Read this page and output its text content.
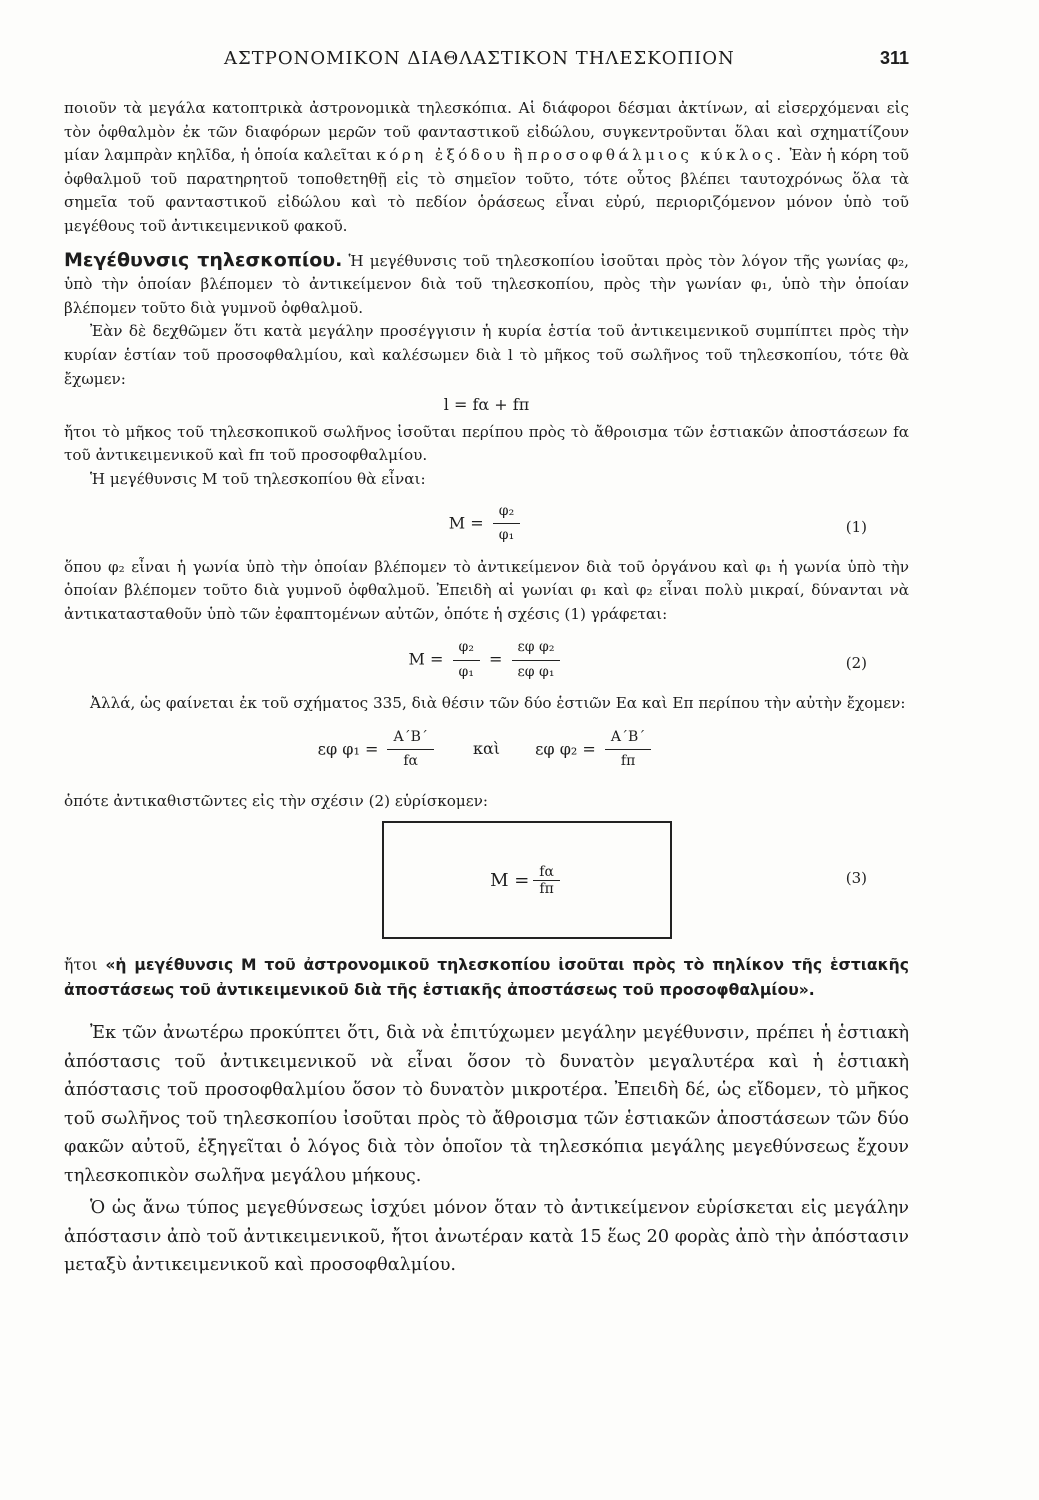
ΑΣΤΡΟΝΟΜΙΚΟΝ ΔΙΑΘΛΑΣΤΙΚΟΝ ΤΗΛΕΣΚΟΠΙΟΝ	311

ποιοῦν τὰ μεγάλα κατοπτρικὰ ἀστρονομικὰ τηλεσκόπια. Αἱ διάφοροι δέσμαι ἀκτίνων, αἱ εἰσερχόμεναι εἰς τὸν ὀφθαλμὸν ἐκ τῶν διαφόρων μερῶν τοῦ φανταστικοῦ εἰδώλου, συγκεντροῦνται ὅλαι καὶ σχηματίζουν μίαν λαμπρὰν κηλῖδα, ἡ ὁποία καλεῖται κόρη ἐξόδου ἢ προσοφθάλμιος κύκλος. Ἐὰν ἡ κόρη τοῦ ὀφθαλμοῦ τοῦ παρατηρητοῦ τοποθετηθῇ εἰς τὸ σημεῖον τοῦτο, τότε οὗτος βλέπει ταυτοχρόνως ὅλα τὰ σημεῖα τοῦ φανταστικοῦ εἰδώλου καὶ τὸ πεδίον ὁράσεως εἶναι εὐρύ, περιοριζόμενον μόνον ὑπὸ τοῦ μεγέθους τοῦ ἀντικειμενικοῦ φακοῦ.

Μεγέθυνσις τηλεσκοπίου. Ἡ μεγέθυνσις τοῦ τηλεσκοπίου ἰσοῦται πρὸς τὸν λόγον τῆς γωνίας φ₂, ὑπὸ τὴν ὁποίαν βλέπομεν τὸ ἀντικείμενον διὰ τοῦ τηλεσκοπίου, πρὸς τὴν γωνίαν φ₁, ὑπὸ τὴν ὁποίαν βλέπομεν τοῦτο διὰ γυμνοῦ ὀφθαλμοῦ.

Ἐὰν δὲ δεχθῶμεν ὅτι κατὰ μεγάλην προσέγγισιν ἡ κυρία ἑστία τοῦ ἀντικειμενικοῦ συμπίπτει πρὸς τὴν κυρίαν ἑστίαν τοῦ προσοφθαλμίου, καὶ καλέσωμεν διὰ l τὸ μῆκος τοῦ σωλῆνος τοῦ τηλεσκοπίου, τότε θὰ ἔχωμεν:

l = fα + fπ

ἤτοι τὸ μῆκος τοῦ τηλεσκοπικοῦ σωλῆνος ἰσοῦται περίπου πρὸς τὸ ἄθροισμα τῶν ἑστιακῶν ἀποστάσεων fα τοῦ ἀντικειμενικοῦ καὶ fπ τοῦ προσοφθαλμίου.

Ἡ μεγέθυνσις Μ τοῦ τηλεσκοπίου θὰ εἶναι:

$M = \frac{\text{φ₂}}{\text{φ₁}}$	(1)

ὅπου φ₂ εἶναι ἡ γωνία ὑπὸ τὴν ὁποίαν βλέπομεν τὸ ἀντικείμενον διὰ τοῦ ὀργάνου καὶ φ₁ ἡ γωνία ὑπὸ τὴν ὁποίαν βλέπομεν τοῦτο διὰ γυμνοῦ ὀφθαλμοῦ. Ἐπειδὴ αἱ γωνίαι φ₁ καὶ φ₂ εἶναι πολὺ μικραί, δύνανται νὰ ἀντικατασταθοῦν ὑπὸ τῶν ἐφαπτομένων αὐτῶν, ὁπότε ἡ σχέσις (1) γράφεται:

$M = \frac{\text{φ₂}}{\text{φ₁}} = \frac{\text{εφ φ₂}}{\text{εφ φ₁}}$	(2)

Ἀλλά, ὡς φαίνεται ἐκ τοῦ σχήματος 335, διὰ θέσιν τῶν δύο ἑστιῶν Εα καὶ Επ περίπου τὴν αὐτὴν ἔχομεν:

εφ $\varphi_1 = \frac{A΄B΄}{f\alpha}$ καὶ εφ $\varphi_2 = \frac{A΄B΄}{f\pi}$

ὁπότε ἀντικαθιστῶντες εἰς τὴν σχέσιν (2) εὑρίσκομεν:

$M = \frac{f\alpha}{f\pi}$	(3)

ἤτοι «ἡ μεγέθυνσις Μ τοῦ ἀστρονομικοῦ τηλεσκοπίου ἰσοῦται πρὸς τὸ πηλίκον τῆς ἑστιακῆς ἀποστάσεως τοῦ ἀντικειμενικοῦ διὰ τῆς ἑστιακῆς ἀποστάσεως τοῦ προσοφθαλμίου».

Ἐκ τῶν ἀνωτέρω προκύπτει ὅτι, διὰ νὰ ἐπιτύχωμεν μεγάλην μεγέθυνσιν, πρέπει ἡ ἑστιακὴ ἀπόστασις τοῦ ἀντικειμενικοῦ νὰ εἶναι ὅσον τὸ δυνατὸν μεγαλυτέρα καὶ ἡ ἑστιακὴ ἀπόστασις τοῦ προσοφθαλμίου ὅσον τὸ δυνατὸν μικροτέρα. Ἐπειδὴ δέ, ὡς εἴδομεν, τὸ μῆκος τοῦ σωλῆνος τοῦ τηλεσκοπίου ἰσοῦται πρὸς τὸ ἄθροισμα τῶν ἑστιακῶν ἀποστάσεων τῶν δύο φακῶν αὐτοῦ, ἐξηγεῖται ὁ λόγος διὰ τὸν ὁποῖον τὰ τηλεσκόπια μεγάλης μεγεθύνσεως ἔχουν τηλεσκοπικὸν σωλῆνα μεγάλου μήκους.

Ὁ ὡς ἄνω τύπος μεγεθύνσεως ἰσχύει μόνον ὅταν τὸ ἀντικείμενον εὑρίσκεται εἰς μεγάλην ἀπόστασιν ἀπὸ τοῦ ἀντικειμενικοῦ, ἤτοι ἀνωτέραν κατὰ 15 ἕως 20 φορὰς ἀπὸ τὴν ἀπόστασιν μεταξὺ ἀντικειμενικοῦ καὶ προσοφθαλμίου.
